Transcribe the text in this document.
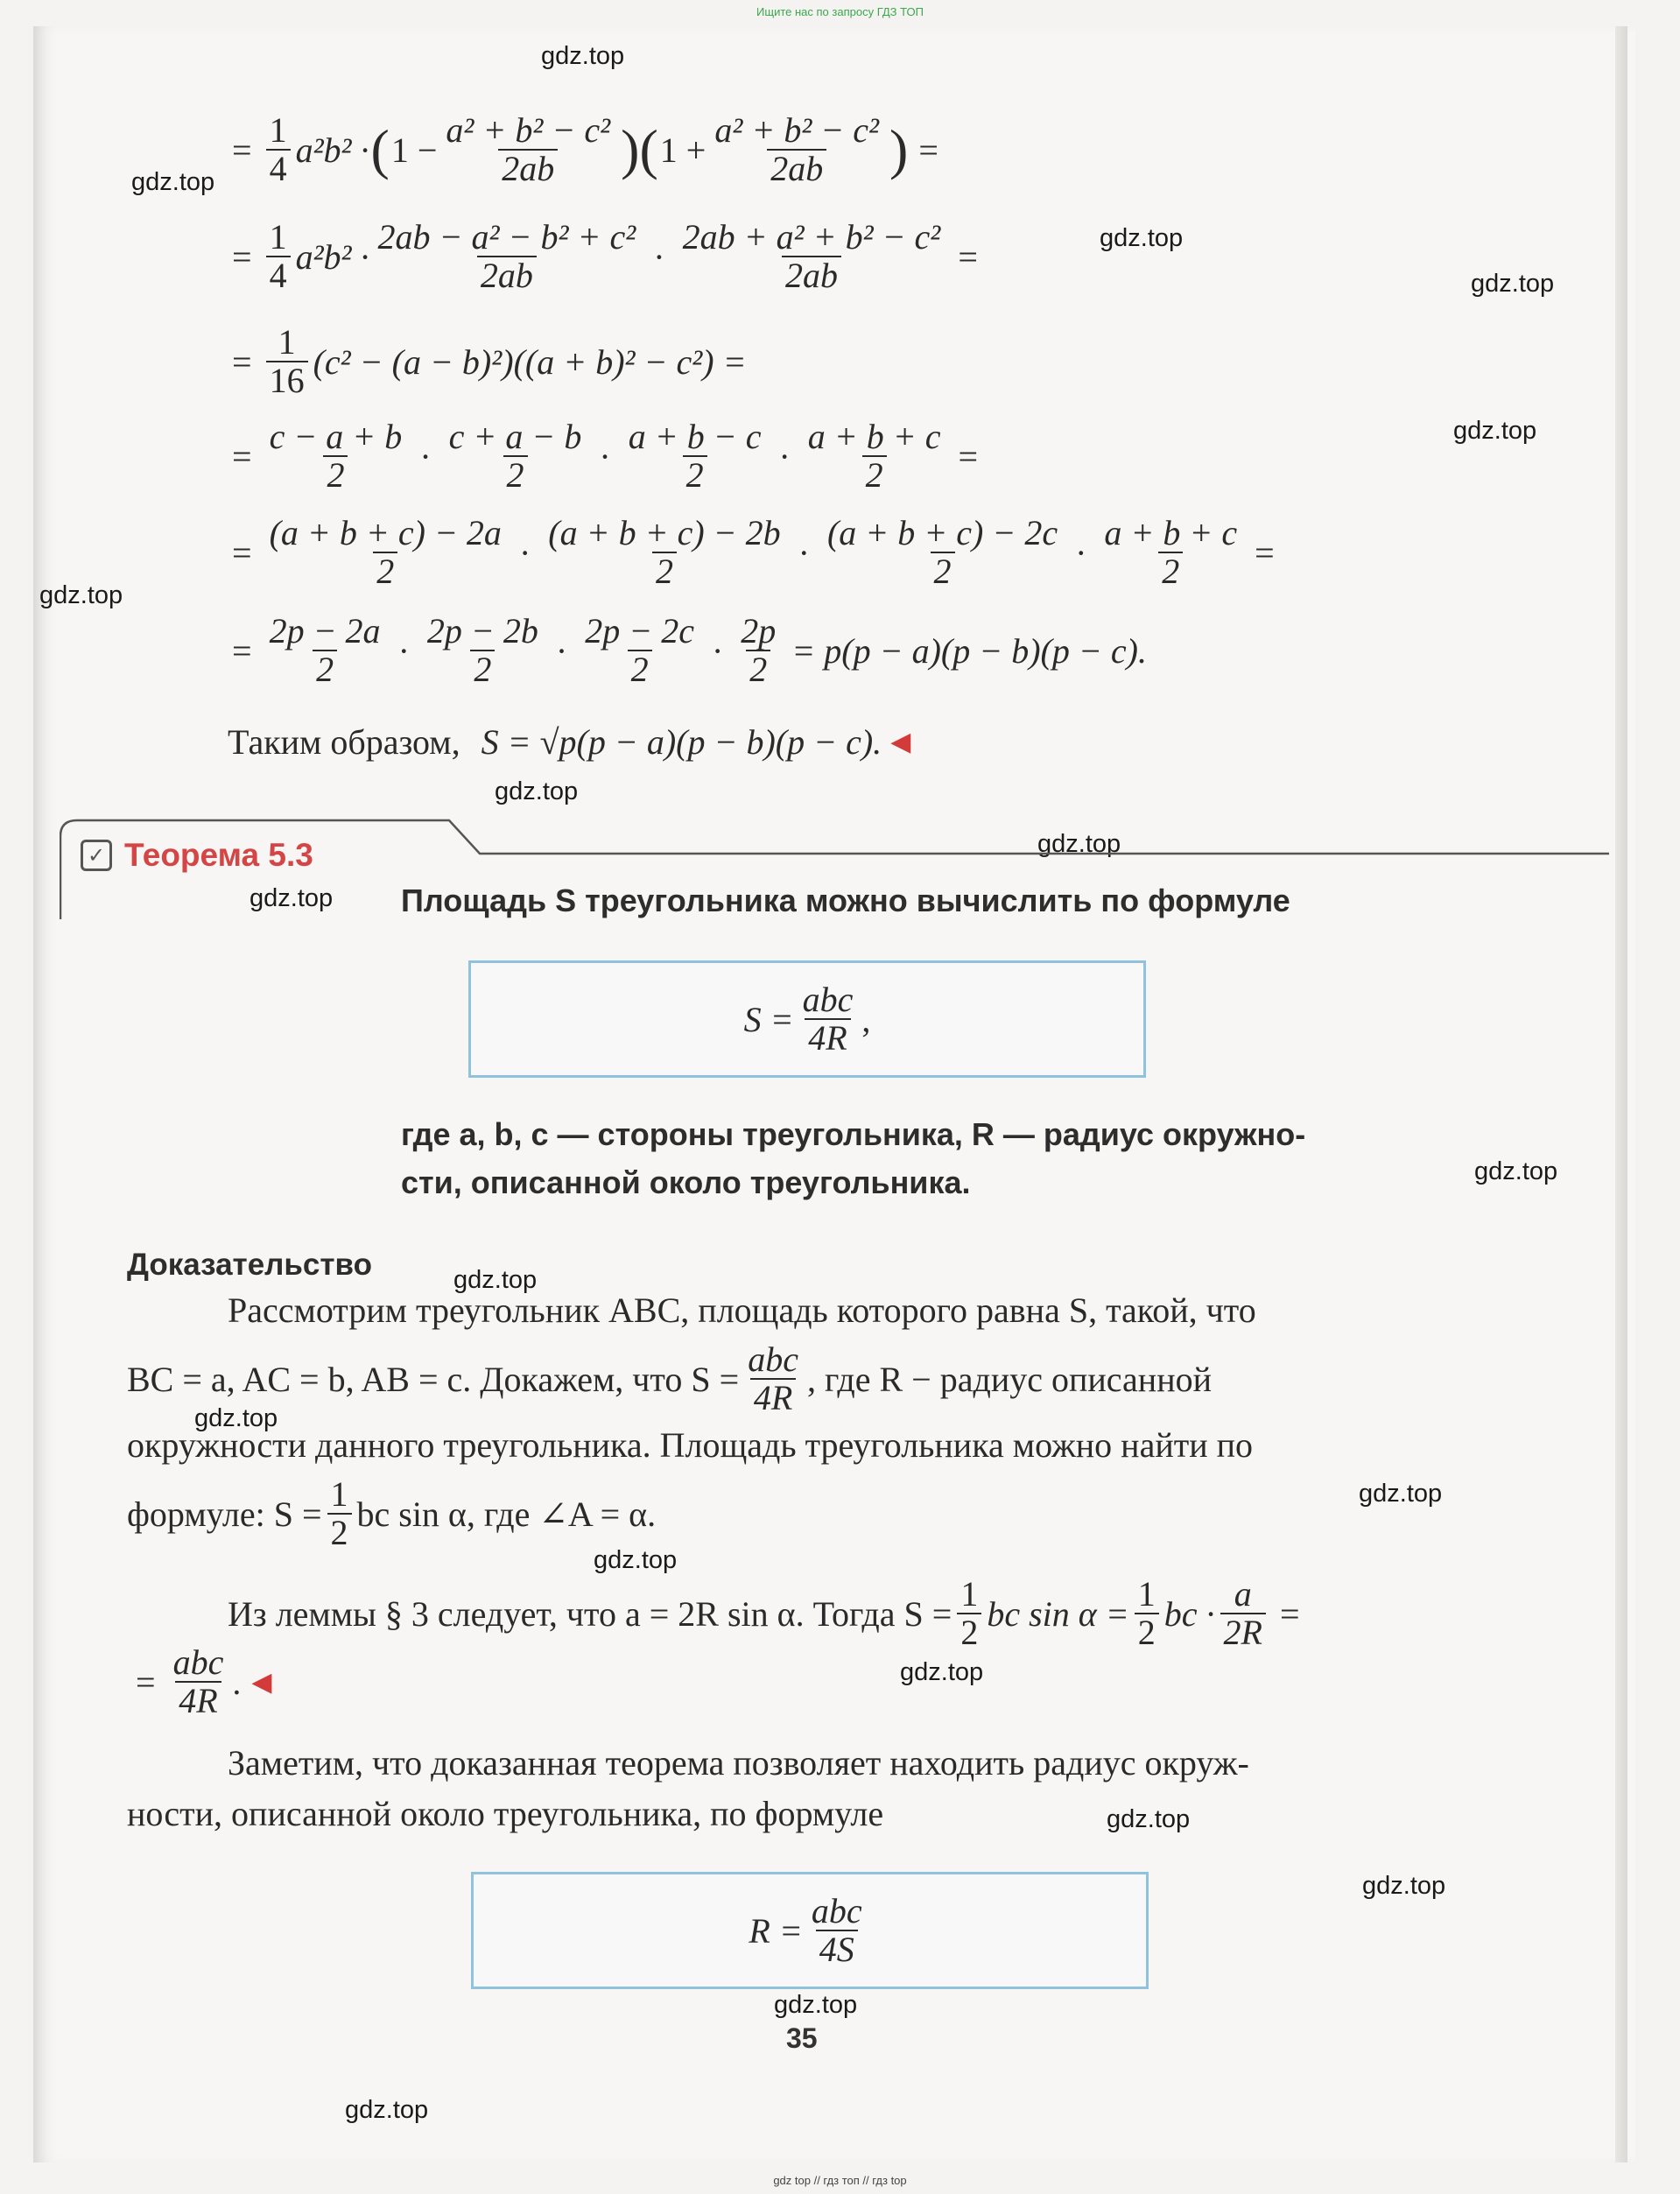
Ищите нас по запросу ГДЗ ТОП
gdz.top
gdz.top
gdz.top
gdz.top
gdz.top
gdz.top
gdz.top
gdz.top
gdz.top
gdz.top
gdz.top
gdz.top
gdz.top
gdz.top
gdz.top
gdz.top
gdz.top
gdz.top
gdz.top
= $\frac{1}{4} a^2b^2$ · ( $1 - \frac{\text{a² + b² − c²}}{2ab}$ )( $1 + \frac{\text{a² + b² − c²}}{2ab}$ ) =
= $\frac{1}{4} a^2b^2 \cdot \frac{\text{2ab − a² − b² + c²}}{2ab} \cdot \frac{\text{2ab + a² + b² − c²}}{2ab}$ =
= $\frac{1}{16} (c^2 - (a - b)^2)((a + b)^2 - c^2)$ =
= $\frac{c - a + b}{2} \cdot \frac{c + a - b}{2} \cdot \frac{a + b - c}{2} \cdot \frac{a + b + c}{2}$ =
= $\frac{(a + b + c) - 2a}{2} \cdot \frac{(a + b + c) - 2b}{2} \cdot \frac{(a + b + c) - 2c}{2} \cdot \frac{a + b + c}{2}$ =
= $\frac{2p - 2a}{2} \cdot \frac{2p - 2b}{2} \cdot \frac{2p - 2c}{2} \cdot \frac{2p}{2} = p(p - a)(p - b)(p - c)$.
Таким образом, S = √p(p − a)(p − b)(p − c). ◀
✓ Теорема 5.3
Площадь S треугольника можно вычислить по формуле
$S = \frac{\text{abc}}{4R}$ ,
где a, b, c — стороны треугольника, R — радиус окружно-
сти, описанной около треугольника.
Доказательство
Рассмотрим треугольник ABC, площадь которого равна S, такой, что
BC = a, AC = b, AB = c. Докажем, что $S = \frac{\text{abc}}{4R}$ , где R − радиус описанной
окружности данного треугольника. Площадь треугольника можно найти по
формуле: $S = \frac{1}{2}$ bc sin α, где ∠A = α.
Из леммы § 3 следует, что a = 2R sin α. Тогда $S = \frac{1}{2}$ bc $\sin \alpha = \frac{1}{2}$ bc · $\frac{a}{2R}$ =
= $\frac{\text{abc}}{4R}$ . ◀
Заметим, что доказанная теорема позволяет находить радиус окруж-
ности, описанной около треугольника, по формуле
$R = \frac{\text{abc}}{4S}$
35
gdz top // гдз топ // гдз top
